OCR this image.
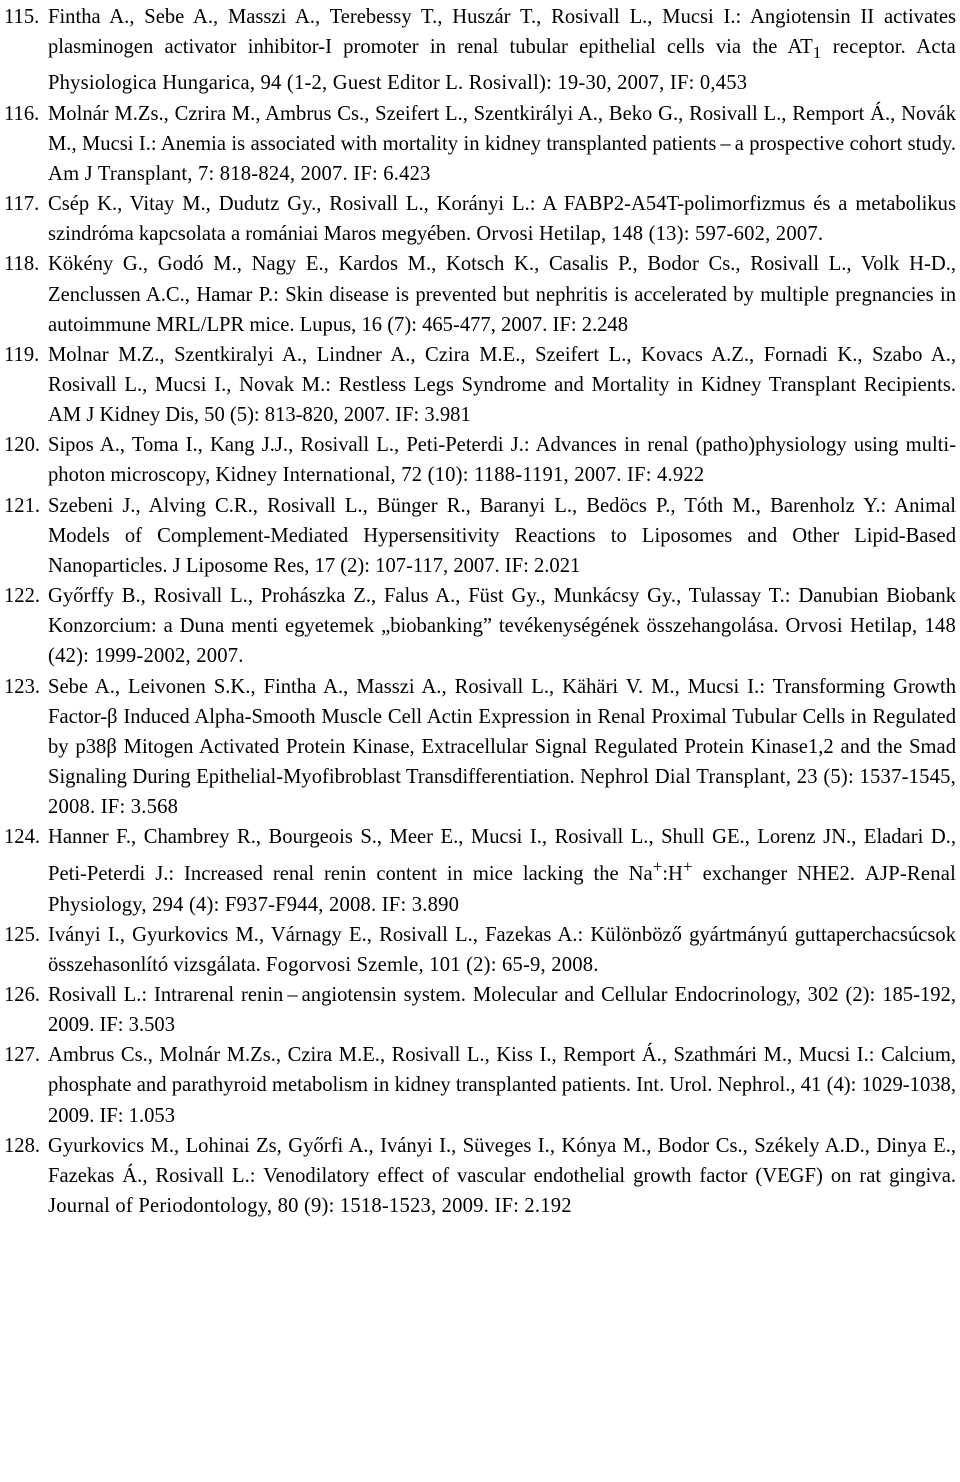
115. Fintha A., Sebe A., Masszi A., Terebessy T., Huszár T., Rosivall L., Mucsi I.: Angiotensin II activates plasminogen activator inhibitor-I promoter in renal tubular epithelial cells via the $AT_1$ receptor. Acta Physiologica Hungarica, 94 (1-2, Guest Editor L. Rosivall): 19-30, 2007, IF: 0,453
116. Molnár M.Zs., Czrira M., Ambrus Cs., Szeifert L., Szentkirályi A., Beko G., Rosivall L., Remport Á., Novák M., Mucsi I.: Anemia is associated with mortality in kidney transplanted patients – a prospective cohort study. Am J Transplant, 7: 818-824, 2007. IF: 6.423
117. Csép K., Vitay M., Dudutz Gy., Rosivall L., Korányi L.: A FABP2-A54T-polimorfizmus és a metabolikus szindróma kapcsolata a romániai Maros megyében. Orvosi Hetilap, 148 (13): 597-602, 2007.
118. Kökény G., Godó M., Nagy E., Kardos M., Kotsch K., Casalis P., Bodor Cs., Rosivall L., Volk H-D., Zenclussen A.C., Hamar P.: Skin disease is prevented but nephritis is accelerated by multiple pregnancies in autoimmune MRL/LPR mice. Lupus, 16 (7): 465-477, 2007. IF: 2.248
119. Molnar M.Z., Szentkiralyi A., Lindner A., Czira M.E., Szeifert L., Kovacs A.Z., Fornadi K., Szabo A., Rosivall L., Mucsi I., Novak M.: Restless Legs Syndrome and Mortality in Kidney Transplant Recipients. AM J Kidney Dis, 50 (5): 813-820, 2007. IF: 3.981
120. Sipos A., Toma I., Kang J.J., Rosivall L., Peti-Peterdi J.: Advances in renal (patho)physiology using multi-photon microscopy, Kidney International, 72 (10): 1188-1191, 2007. IF: 4.922
121. Szebeni J., Alving C.R., Rosivall L., Bünger R., Baranyi L., Bedöcs P., Tóth M., Barenholz Y.: Animal Models of Complement-Mediated Hypersensitivity Reactions to Liposomes and Other Lipid-Based Nanoparticles. J Liposome Res, 17 (2): 107-117, 2007. IF: 2.021
122. Győrffy B., Rosivall L., Prohászka Z., Falus A., Füst Gy., Munkácsy Gy., Tulassay T.: Danubian Biobank Konzorcium: a Duna menti egyetemek „biobanking” tevékenységének összehangolása. Orvosi Hetilap, 148 (42): 1999-2002, 2007.
123. Sebe A., Leivonen S.K., Fintha A., Masszi A., Rosivall L., Kähäri V. M., Mucsi I.: Transforming Growth Factor-β Induced Alpha-Smooth Muscle Cell Actin Expression in Renal Proximal Tubular Cells in Regulated by p38β Mitogen Activated Protein Kinase, Extracellular Signal Regulated Protein Kinase1,2 and the Smad Signaling During Epithelial-Myofibroblast Transdifferentiation. Nephrol Dial Transplant, 23 (5): 1537-1545, 2008. IF: 3.568
124. Hanner F., Chambrey R., Bourgeois S., Meer E., Mucsi I., Rosivall L., Shull GE., Lorenz JN., Eladari D., Peti-Peterdi J.: Increased renal renin content in mice lacking the Na+:H+ exchanger NHE2. AJP-Renal Physiology, 294 (4): F937-F944, 2008. IF: 3.890
125. Iványi I., Gyurkovics M., Várnagy E., Rosivall L., Fazekas A.: Különböző gyártmányú guttaperchacsúcsok összehasonlító vizsgálata. Fogorvosi Szemle, 101 (2): 65-9, 2008.
126. Rosivall L.: Intrarenal renin – angiotensin system. Molecular and Cellular Endocrinology, 302 (2): 185-192, 2009. IF: 3.503
127. Ambrus Cs., Molnár M.Zs., Czira M.E., Rosivall L., Kiss I., Remport Á., Szathmári M., Mucsi I.: Calcium, phosphate and parathyroid metabolism in kidney transplanted patients. Int. Urol. Nephrol., 41 (4): 1029-1038, 2009. IF: 1.053
128. Gyurkovics M., Lohinai Zs, Győrfi A., Iványi I., Süveges I., Kónya M., Bodor Cs., Székely A.D., Dinya E., Fazekas Á., Rosivall L.: Venodilatory effect of vascular endothelial growth factor (VEGF) on rat gingiva. Journal of Periodontology, 80 (9): 1518-1523, 2009. IF: 2.192
